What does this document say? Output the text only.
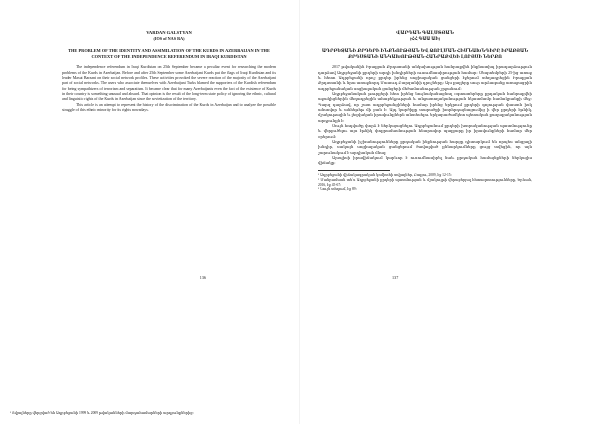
VARDAN GALSTYAN
(IOS of NAS RA)
THE PROBLEM OF THE IDENTITY AND ASSIMILATION OF THE KURDS IN AZERBAIJAN IN THE CONTEXT OF THE INDEPENDENCE REFERENDUM IN IRAQI KURDISTAN

The independence referendum in Iraqi Kurdistan on 25th September became a peculiar event for researching the modern problems of the Kurds in Azerbaijan. Before and after 25th September some Azerbaijani Kurds put the flags of Iraqi Kurdistan and its leader Masut Barzani on their social network profiles. These activities provoked the severe reaction of the majority of the Azerbaijani part of social networks. The users who associate themselves with Azerbaijani Turks blamed the supporters of the Kurdish referendum for being sympathizers of terrorism and separatism. It became clear that for many Azerbaijanis even the fact of the existence of Kurds in their country is something unusual and absurd. That opinion is the result of the long-term state policy of ignoring the ethnic, cultural and linguistic rights of the Kurds in Azerbaijan since the sovietization of the territory.

This article is an attempt to represent the history of the discrimination of the Kurds in Azerbaijan and to analyze the possible struggle of this ethnic minority for its rights nowadays.

136

¹ Տվյալները վերցված են Ադրբեջանի 1999 և 2009 թվականների մարդահամարների արդյունքներից։

ՎԱՐԴԱՆ ԳԱԼՍՏՅԱՆ
(ՀՀ ԳԱԱ ԱԻ)
ԱԴՐԲԵՋԱՆԻ ՔՐԴԵՐԻ ԻՆՔՆՈՒԹՅԱՆ ԵՎ ՁՈՒԼՄԱՆ ՀԻՄՆԱԽՆԴԻՐԸ ԻՐԱՔՅԱՆ ՔՐԴՍՏԱՆԻ ԱՆԿԱԽՈՒԹՅԱՆ ՀԱՆՐԱՔՎԵԻ ԼՈՒՅՍԻ ՆԵՐՔՈ

2017 թվականին Իրաքյան Քրդստանի անկախության հանրաքվեն ինքնատիպ իրադարձություն դարձավ Ադրբեջանի քրդերի արդի խնդիրների ուսումնասիրության համար։ Սեպտեմբերի 25-ից առաջ և հետո Ադրբեջանի որոշ քրդեր իրենց սոցիալական ցանցերի էջերում տեղադրեցին Իրաքյան Քրդստանի և նրա առաջնորդ Մասուդ Բարզանիի դրոշները։ Այս քայլերը սուր արձագանք առաջացրին ադրբեջանական սոցիալական ցանցերի մեծամասնության շրջանում։

Ադրբեջանական թուրքերի հետ իրենց նույնականացնող օգտատերերը քրդական հանրաքվեի աջակիցներին մեղադրեցին ահաբեկչության և անջատողականության նկատմամբ համակրանքի մեջ։ Պարզ դարձավ, որ շատ ադրբեջանցիների համար իրենց երկրում քրդերի գոյության փաստն իսկ անսովոր և անհեթեթ մի բան է։ Այդ կարծիքը տարածքի խորհրդայնացումից ի վեր քրդերի էթնիկ, մշակութային և լեզվական իրավունքներն անտեսելու երկարաժամկետ պետական քաղաքականության արդյունքն է։

Սույն հոդվածը փորձ է ներկայացնելու Ադրբեջանում քրդերի խտրականության պատմությունը և վերլուծելու այս էթնիկ փոքրամասնության հնարավոր պայքարը իր իրավունքների համար մեր օրերում։

Ադրբեջանի իշխանությունները քրդական ինքնության հարցը դիտարկում են որպես անցյալի խնդիր, սակայն սոցիալական ցանցերում ծավալված քննարկումները ցույց տվեցին, որ այն շարունակում է արդիական մնալ։

Այսպիսի իրավիճակում կարևոր է ուսումնասիրել նաև քրդական համայնքների ներկայիս վիճակը։

¹ Ադրբեջանի վիճակագրական կոմիտեի տվյալներ, Բաքու, 2009, էջ 12-15։

² Մանրամասն տե՛ս Ադրբեջանի քրդերի պատմության և մշակույթի վերաբերյալ հետազոտությունները, Երևան, 2016, էջ 45-67։

³ Նույն տեղում, էջ 89։

137
